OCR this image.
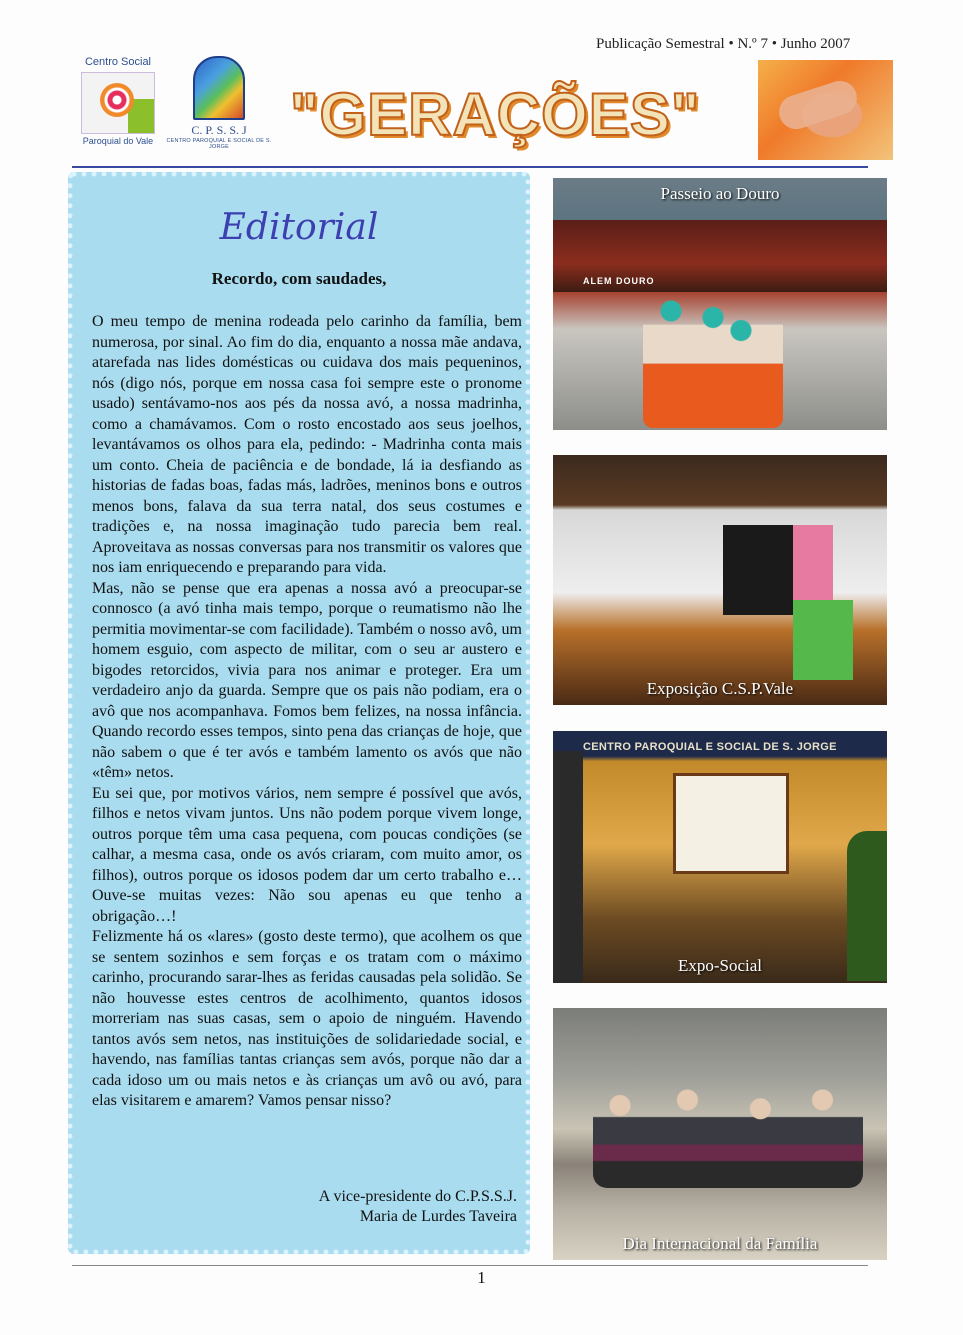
Publicação Semestral • N.º 7 • Junho 2007
Centro Social
Paroquial do Vale
C. P. S. S. J
CENTRO PAROQUIAL E SOCIAL DE S. JORGE	"GERAÇÕES"
Editorial
Recordo, com saudades,

O meu tempo de menina rodeada pelo carinho da família, bem numerosa, por sinal. Ao fim do dia, enquanto a nossa mãe andava, atarefada nas lides domésticas ou cuidava dos mais pequeninos, nós (digo nós, porque em nossa casa foi sempre este o pronome usado) sentávamo-nos aos pés da nossa avó, a nossa madrinha, como a chamávamos. Com o rosto encostado aos seus joelhos, levantávamos os olhos para ela, pedindo: - Madrinha conta mais um conto. Cheia de paciência e de bondade, lá ia desfiando as historias de fadas boas, fadas más, ladrões, meninos bons e outros menos bons, falava da sua terra natal, dos seus costumes e tradições e, na nossa imaginação tudo parecia bem real. Aproveitava as nossas conversas para nos transmitir os valores que nos iam enriquecendo e preparando para vida.

Mas, não se pense que era apenas a nossa avó a preocupar-se connosco (a avó tinha mais tempo, porque o reumatismo não lhe permitia movimentar-se com facilidade). Também o nosso avô, um homem esguio, com aspecto de militar, com o seu ar austero e bigodes retorcidos, vivia para nos animar e proteger. Era um verdadeiro anjo da guarda. Sempre que os pais não podiam, era o avô que nos acompanhava. Fomos bem felizes, na nossa infância. Quando recordo esses tempos, sinto pena das crianças de hoje, que não sabem o que é ter avós e também lamento os avós que não «têm» netos.

Eu sei que, por motivos vários, nem sempre é possível que avós, filhos e netos vivam juntos. Uns não podem porque vivem longe, outros porque têm uma casa pequena, com poucas condições (se calhar, a mesma casa, onde os avós criaram, com muito amor, os filhos), outros porque os idosos podem dar um certo trabalho e…Ouve-se muitas vezes: Não sou apenas eu que tenho a obrigação…!

Felizmente há os «lares» (gosto deste termo), que acolhem os que se sentem sozinhos e sem forças e os tratam com o máximo carinho, procurando sarar-lhes as feridas causadas pela solidão. Se não houvesse estes centros de acolhimento, quantos idosos morreriam nas suas casas, sem o apoio de ninguém. Havendo tantos avós sem netos, nas instituições de solidariedade social, e havendo, nas famílias tantas crianças sem avós, porque não dar a cada idoso um ou mais netos e às crianças um avô ou avó, para elas visitarem e amarem? Vamos pensar nisso?

A vice-presidente do C.P.S.S.J.
Maria de Lurdes Taveira
ALEM DOURO
Passeio ao Douro
Exposição C.S.P.Vale
CENTRO PAROQUIAL E SOCIAL DE S. JORGE
Expo-Social
Dia Internacional da Família
1
